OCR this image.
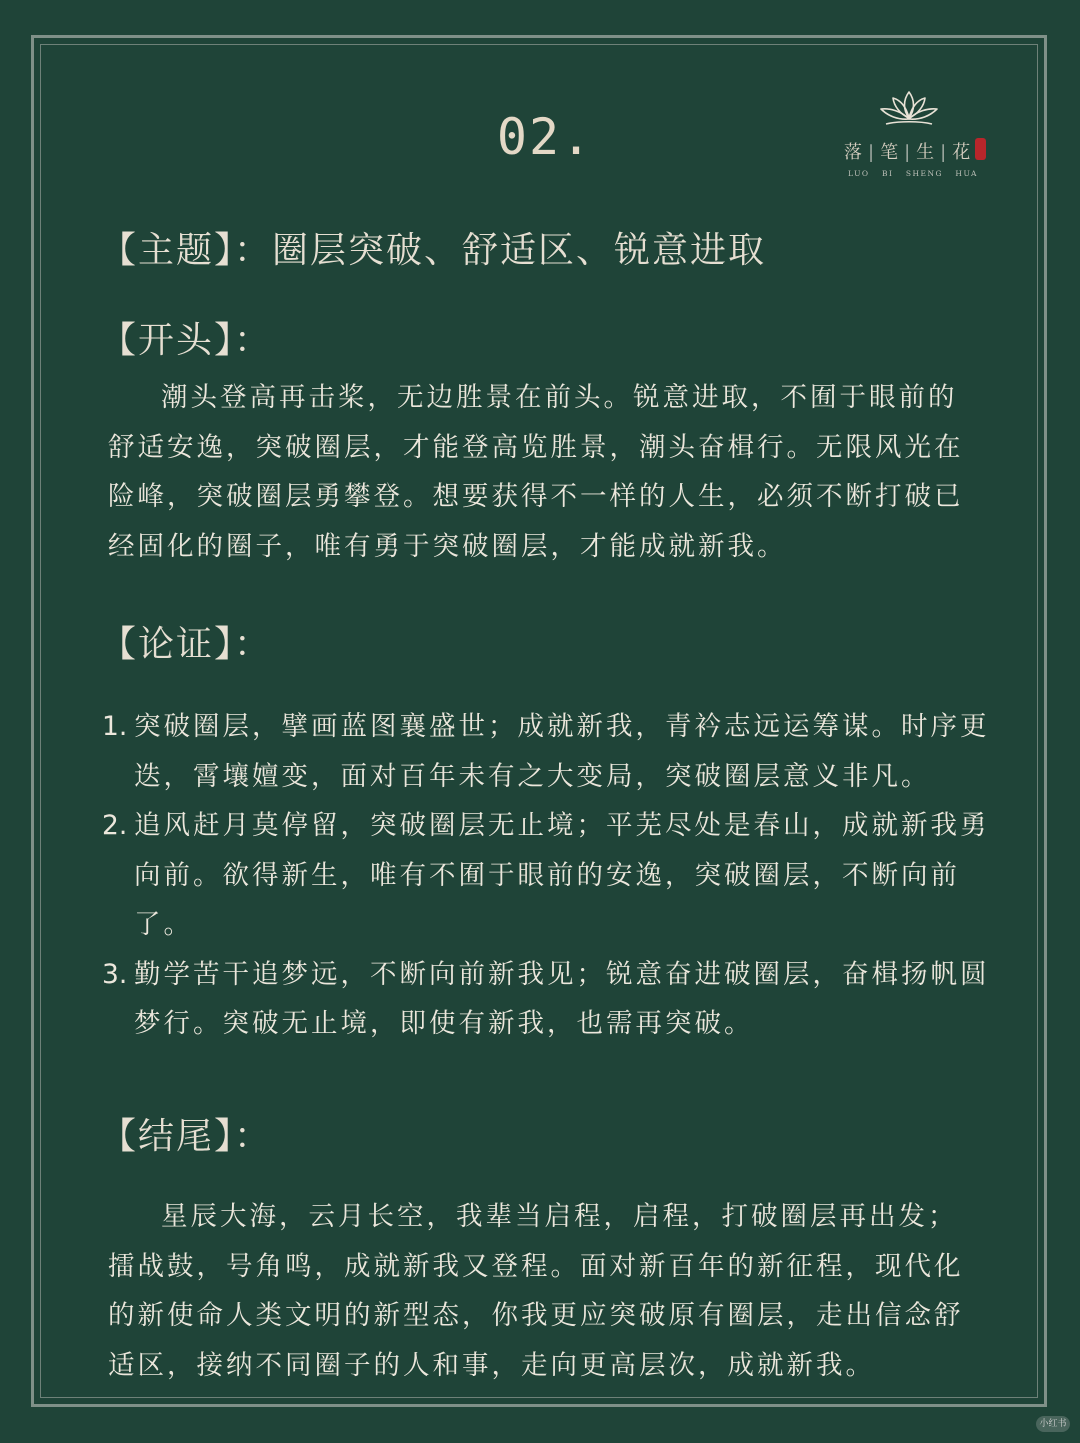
02.	落 | 笔 | 生 | 花
LUO BI SHENG HUA
【主题】：圈层突破、舒适区、锐意进取
【开头】：

潮头登高再击桨，无边胜景在前头。锐意进取，不囿于眼前的舒适安逸，突破圈层，才能登高览胜景，潮头奋楫行。无限风光在险峰，突破圈层勇攀登。想要获得不一样的人生，必须不断打破已经固化的圈子，唯有勇于突破圈层，才能成就新我。

【论证】：
1. 突破圈层，擘画蓝图襄盛世；成就新我，青衿志远运筹谋。时序更迭，霄壤嬗变，面对百年未有之大变局，突破圈层意义非凡。
2. 追风赶月莫停留，突破圈层无止境；平芜尽处是春山，成就新我勇向前。欲得新生，唯有不囿于眼前的安逸，突破圈层，不断向前了。
3. 勤学苦干追梦远，不断向前新我见；锐意奋进破圈层，奋楫扬帆圆梦行。突破无止境，即使有新我，也需再突破。
【结尾】：

星辰大海，云月长空，我辈当启程，启程，打破圈层再出发；擂战鼓，号角鸣，成就新我又登程。面对新百年的新征程，现代化的新使命人类文明的新型态，你我更应突破原有圈层，走出信念舒适区，接纳不同圈子的人和事，走向更高层次，成就新我。

小红书
